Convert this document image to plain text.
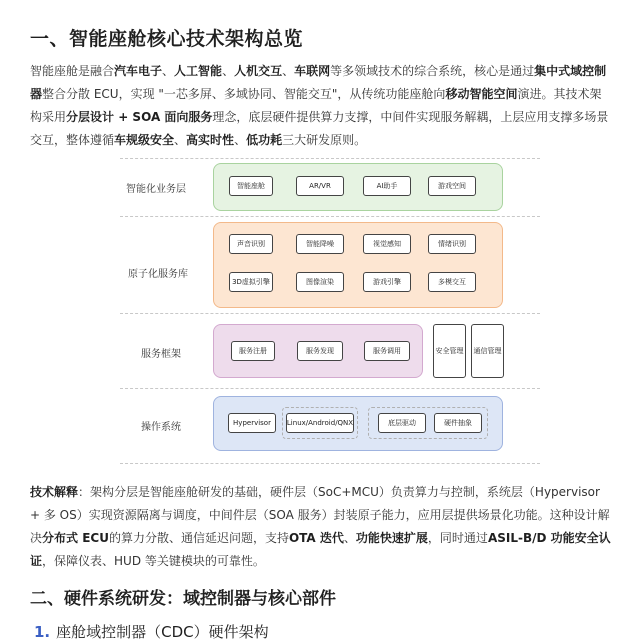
一、智能座舱核心技术架构总览
智能座舱是融合汽车电子、人工智能、人机交互、车联网等多领域技术的综合系统，核心是通过集中式域控制器整合分散 ECU，实现 "一芯多屏、多域协同、智能交互"，从传统功能座舱向移动智能空间演进。其技术架构采用分层设计 + SOA 面向服务理念，底层硬件提供算力支撑，中间件实现服务解耦，上层应用支撑多场景交互，整体遵循车规级安全、高实时性、低功耗三大研发原则。
智能化业务层	智能座舱	AR/VR	AI助手	游戏空间
原子化服务库
声音识别	智能降噪	视觉感知	情绪识别
3D虚拟引擎	图像渲染	游戏引擎	多模交互
服务框架	服务注册	服务发现	服务调用	安全管理	通信管理
操作系统	Hypervisor	Linux/Android/QNX	底层驱动	硬件抽象
技术解释：架构分层是智能座舱研发的基础，硬件层（SoC+MCU）负责算力与控制，系统层（Hypervisor + 多 OS）实现资源隔离与调度，中间件层（SOA 服务）封装原子能力，应用层提供场景化功能。这种设计解决分布式 ECU的算力分散、通信延迟问题，支持OTA 迭代、功能快速扩展，同时通过ASIL-B/D 功能安全认证，保障仪表、HUD 等关键模块的可靠性。
二、硬件系统研发：域控制器与核心部件
1. 座舱域控制器（CDC）硬件架构
